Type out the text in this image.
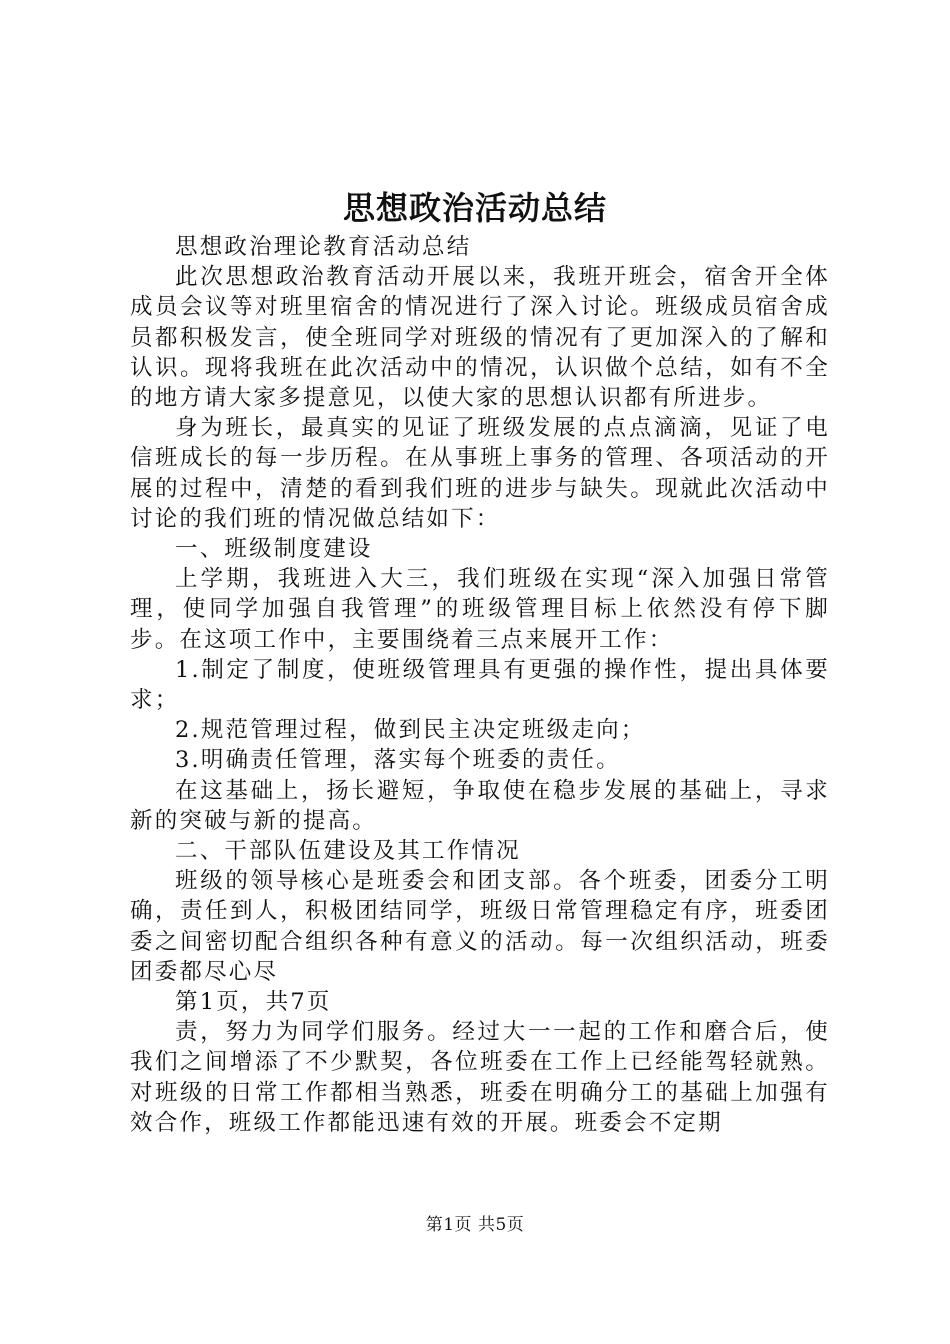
思想政治活动总结

思想政治理论教育活动总结

此次思想政治教育活动开展以来，我班开班会，宿舍开全体成员会议等对班里宿舍的情况进行了深入讨论。班级成员宿舍成员都积极发言，使全班同学对班级的情况有了更加深入的了解和认识。现将我班在此次活动中的情况，认识做个总结，如有不全的地方请大家多提意见，以使大家的思想认识都有所进步。

身为班长，最真实的见证了班级发展的点点滴滴，见证了电信班成长的每一步历程。在从事班上事务的管理、各项活动的开展的过程中，清楚的看到我们班的进步与缺失。现就此次活动中讨论的我们班的情况做总结如下：

一、班级制度建设

上学期，我班进入大三，我们班级在实现“深入加强日常管理，使同学加强自我管理”的班级管理目标上依然没有停下脚步。在这项工作中，主要围绕着三点来展开工作：

1.制定了制度，使班级管理具有更强的操作性，提出具体要求；

2.规范管理过程，做到民主决定班级走向；

3.明确责任管理，落实每个班委的责任。

在这基础上，扬长避短，争取使在稳步发展的基础上，寻求新的突破与新的提高。

二、干部队伍建设及其工作情况

班级的领导核心是班委会和团支部。各个班委，团委分工明确，责任到人，积极团结同学，班级日常管理稳定有序，班委团委之间密切配合组织各种有意义的活动。每一次组织活动，班委团委都尽心尽

第1页，共7页

责，努力为同学们服务。经过大一一起的工作和磨合后，使我们之间增添了不少默契，各位班委在工作上已经能驾轻就熟。对班级的日常工作都相当熟悉，班委在明确分工的基础上加强有效合作，班级工作都能迅速有效的开展。班委会不定期

第1页 共5页
